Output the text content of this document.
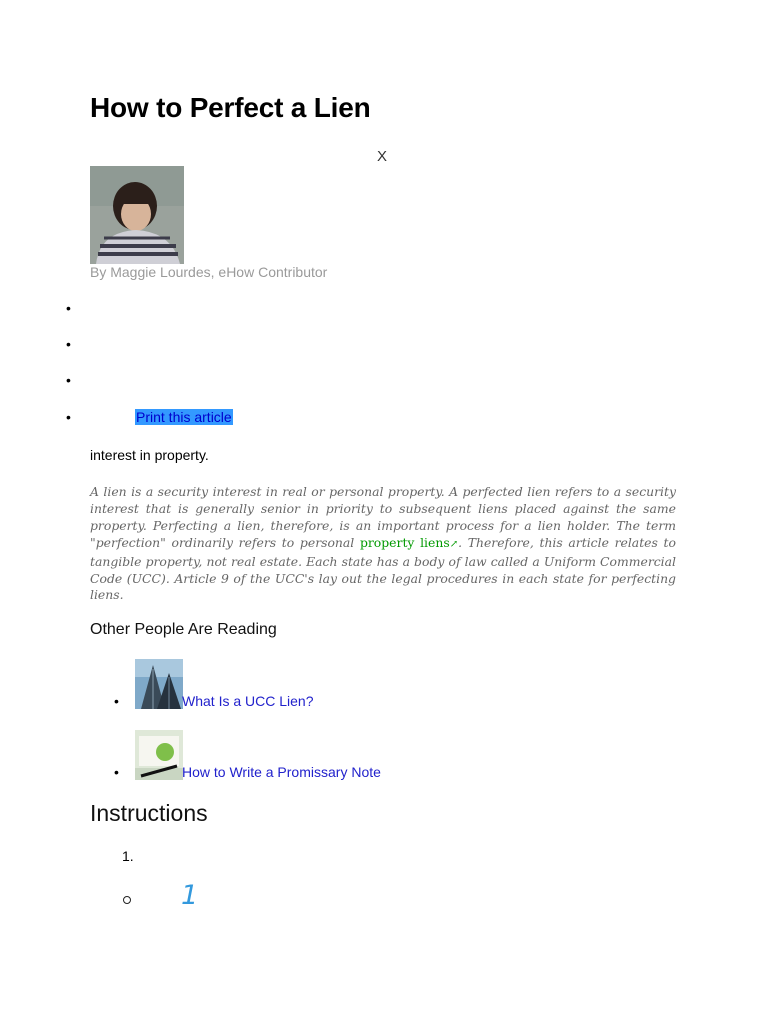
How to Perfect a Lien
X
By Maggie Lourdes, eHow Contributor
•
•
•
•	Print this article
interest in property.

A lien is a security interest in real or personal property. A perfected lien refers to a security interest that is generally senior in priority to subsequent liens placed against the same property. Perfecting a lien, therefore, is an important process for a lien holder. The term "perfection" ordinarily refers to personal property liens↗. Therefore, this article relates to tangible property, not real estate. Each state has a body of law called a Uniform Commercial Code (UCC). Article 9 of the UCC's lay out the legal procedures in each state for perfecting liens.

Other People Are Reading
•	What Is a UCC Lien?
•	How to Write a Promissary Note
Instructions
1.
1
